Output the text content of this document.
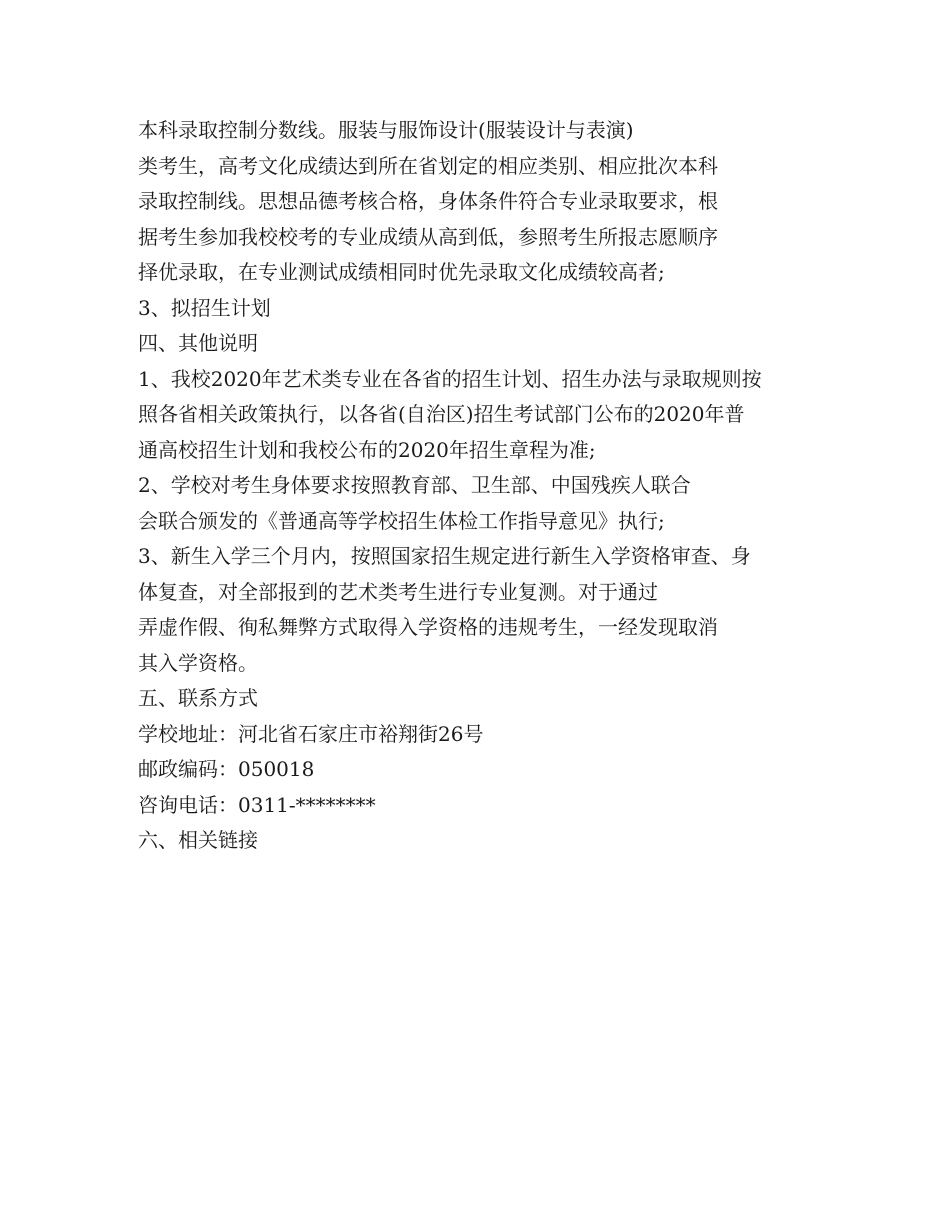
本科录取控制分数线。服装与服饰设计(服装设计与表演)
类考生，高考文化成绩达到所在省划定的相应类别、相应批次本科
录取控制线。思想品德考核合格，身体条件符合专业录取要求，根
据考生参加我校校考的专业成绩从高到低，参照考生所报志愿顺序
择优录取，在专业测试成绩相同时优先录取文化成绩较高者;
3、拟招生计划
四、其他说明
1、我校2020年艺术类专业在各省的招生计划、招生办法与录取规则按
照各省相关政策执行，以各省(自治区)招生考试部门公布的2020年普
通高校招生计划和我校公布的2020年招生章程为准;
2、学校对考生身体要求按照教育部、卫生部、中国残疾人联合
会联合颁发的《普通高等学校招生体检工作指导意见》执行;
3、新生入学三个月内，按照国家招生规定进行新生入学资格审查、身
体复查，对全部报到的艺术类考生进行专业复测。对于通过
弄虚作假、徇私舞弊方式取得入学资格的违规考生，一经发现取消
其入学资格。
五、联系方式
学校地址：河北省石家庄市裕翔街26号
邮政编码：050018
咨询电话：0311-********
六、相关链接
